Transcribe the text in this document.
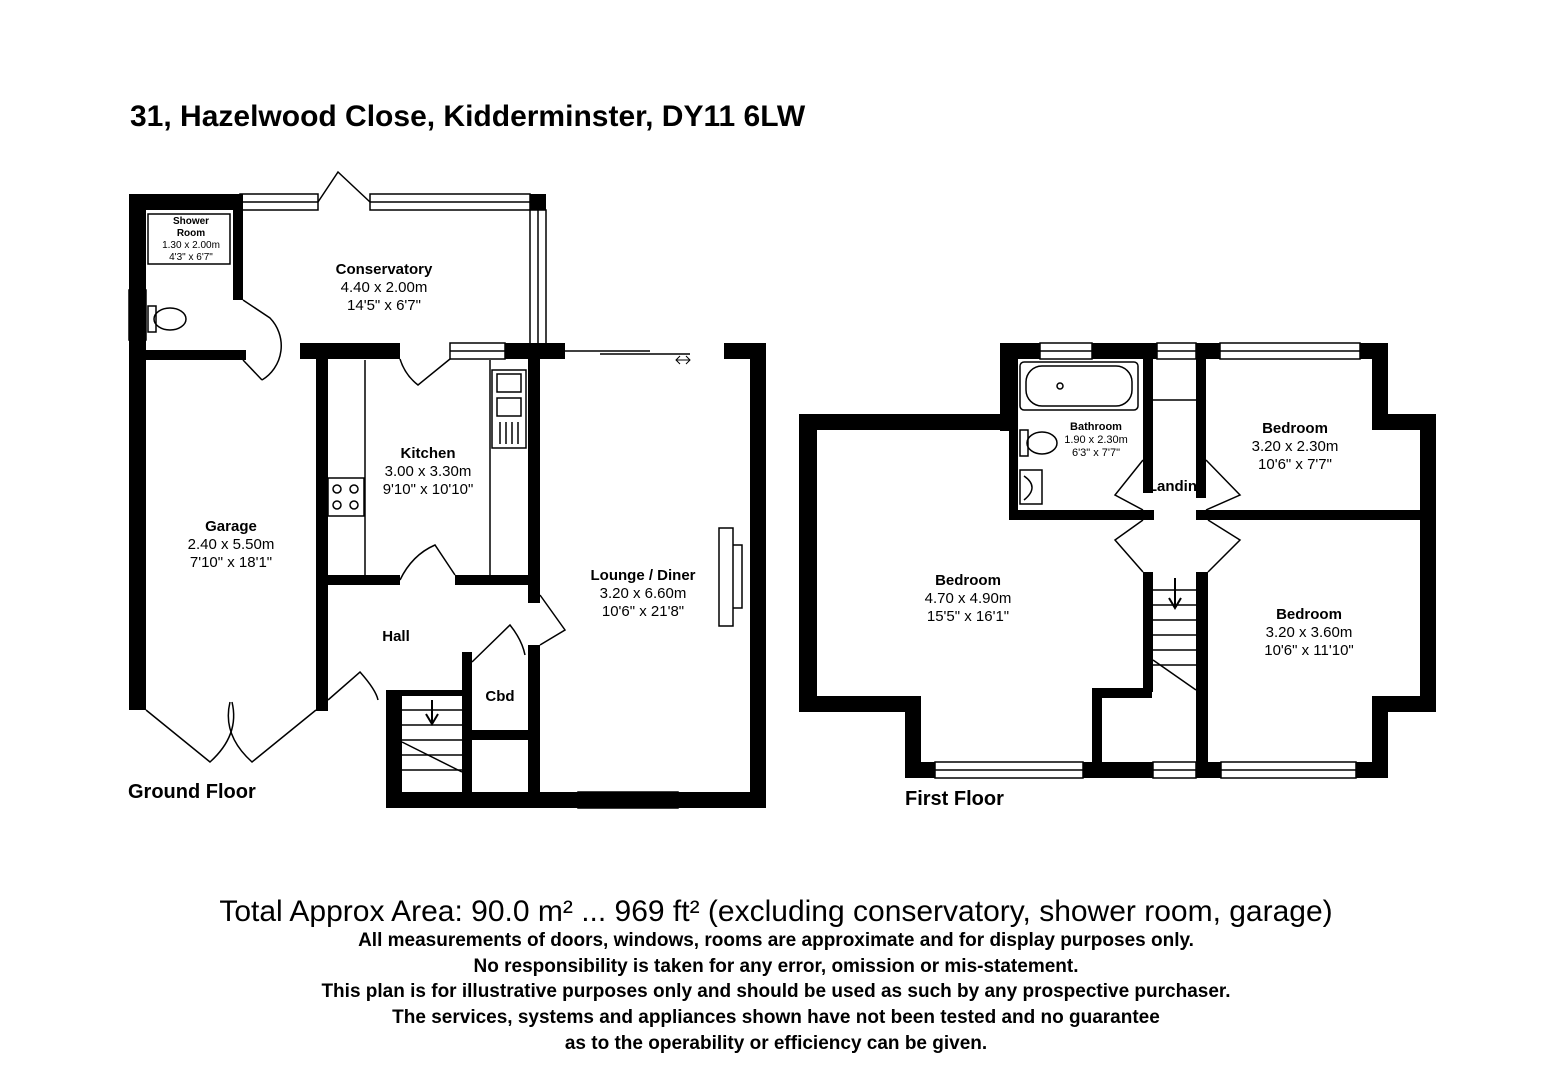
31, Hazelwood Close, Kidderminster, DY11 6LW
Shower Room
1.30 x 2.00m
4'3" x 6'7"
Conservatory
4.40 x 2.00m
14'5" x 6'7"
Kitchen
3.00 x 3.30m
9'10" x 10'10"
Garage
2.40 x 5.50m
7'10" x 18'1"
Lounge / Diner
3.20 x 6.60m
10'6" x 21'8"
Hall
Cbd
Ground Floor
Bathroom
1.90 x 2.30m
6'3" x 7'7"
Bedroom
3.20 x 2.30m
10'6" x 7'7"
Landing
Bedroom
4.70 x 4.90m
15'5" x 16'1"	Bedroom
3.20 x 3.60m
10'6" x 11'10"
First Floor
Total Approx Area: 90.0 m² ... 969 ft² (excluding conservatory, shower room, garage)
All measurements of doors, windows, rooms are approximate and for display purposes only.
No responsibility is taken for any error, omission or mis-statement.
This plan is for illustrative purposes only and should be used as such by any prospective purchaser.
The services, systems and appliances shown have not been tested and no guarantee
as to the operability or efficiency can be given.
